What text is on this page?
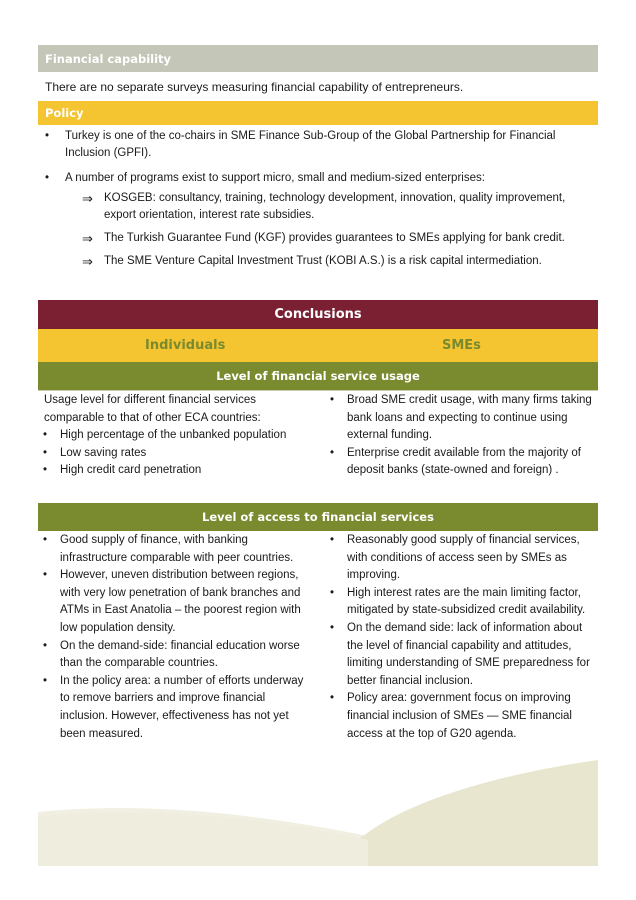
Financial capability
There are no separate surveys measuring financial capability of entrepreneurs.
Policy
• Turkey is one of the co-chairs in SME Finance Sub-Group of the Global Partnership for Financial Inclusion (GPFI).
• A number of programs exist to support micro, small and medium-sized enterprises:
⇒ KOSGEB: consultancy, training, technology development, innovation, quality improvement, export orientation, interest rate subsidies.
⇒ The Turkish Guarantee Fund (KGF) provides guarantees to SMEs applying for bank credit.
⇒ The SME Venture Capital Investment Trust (KOBI A.S.) is a risk capital intermediation.
Conclusions
Individuals	SMEs
Level of financial service usage

Usage level for different financial services comparable to that of other ECA countries:

• High percentage of the unbanked population
• Low saving rates
• High credit card penetration
• Broad SME credit usage, with many firms taking bank loans and expecting to continue using external funding.
• Enterprise credit available from the majority of deposit banks (state-owned and foreign) .
Level of access to financial services
• Good supply of finance, with banking infrastructure comparable with peer countries.
• However, uneven distribution between regions, with very low penetration of bank branches and ATMs in East Anatolia – the poorest region with low population density.
• On the demand-side: financial education worse than the comparable countries.
• In the policy area: a number of efforts underway to remove barriers and improve financial inclusion. However, effectiveness has not yet been measured.
• Reasonably good supply of financial services, with conditions of access seen by SMEs as improving.
• High interest rates are the main limiting factor, mitigated by state-subsidized credit availability.
• On the demand side: lack of information about the level of financial capability and attitudes, limiting understanding of SME preparedness for better financial inclusion.
• Policy area: government focus on improving financial inclusion of SMEs — SME financial access at the top of G20 agenda.
